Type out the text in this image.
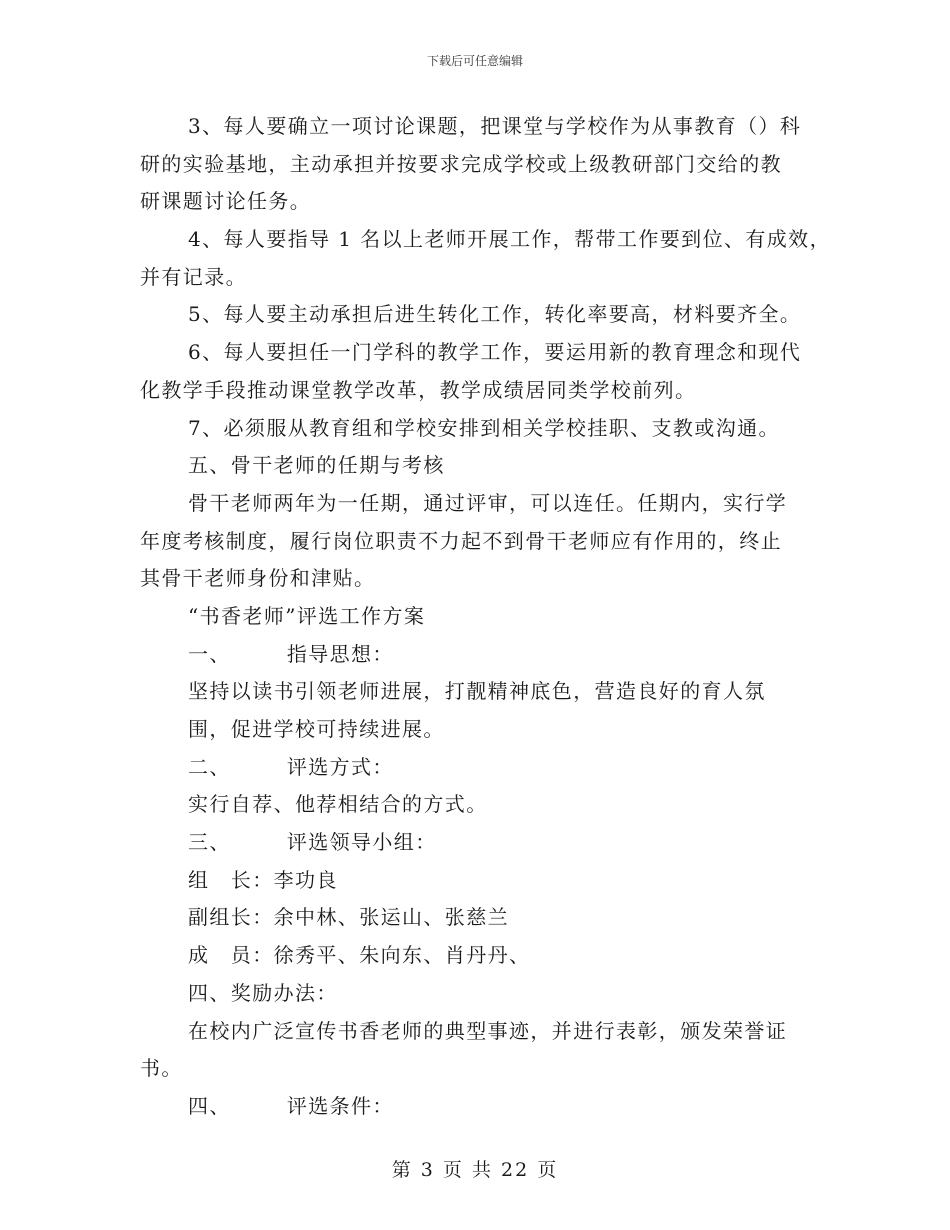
下载后可任意编辑
3、每人要确立一项讨论课题，把课堂与学校作为从事教育（）科
研的实验基地，主动承担并按要求完成学校或上级教研部门交给的教
研课题讨论任务。
4、每人要指导 1 名以上老师开展工作，帮带工作要到位、有成效，
并有记录。
5、每人要主动承担后进生转化工作，转化率要高，材料要齐全。
6、每人要担任一门学科的教学工作，要运用新的教育理念和现代
化教学手段推动课堂教学改革，教学成绩居同类学校前列。
7、必须服从教育组和学校安排到相关学校挂职、支教或沟通。
五、骨干老师的任期与考核
骨干老师两年为一任期，通过评审，可以连任。任期内，实行学
年度考核制度，履行岗位职责不力起不到骨干老师应有作用的，终止
其骨干老师身份和津贴。
“书香老师”评选工作方案
一、	指导思想：
坚持以读书引领老师进展，打靓精神底色，营造良好的育人氛
围，促进学校可持续进展。
二、	评选方式：
实行自荐、他荐相结合的方式。
三、	评选领导小组：
组　长：李功良
副组长：余中林、张运山、张慈兰
成　员：徐秀平、朱向东、肖丹丹、
四、奖励办法：
在校内广泛宣传书香老师的典型事迹，并进行表彰，颁发荣誉证
书。
四、	评选条件：
第 3 页 共 22 页
